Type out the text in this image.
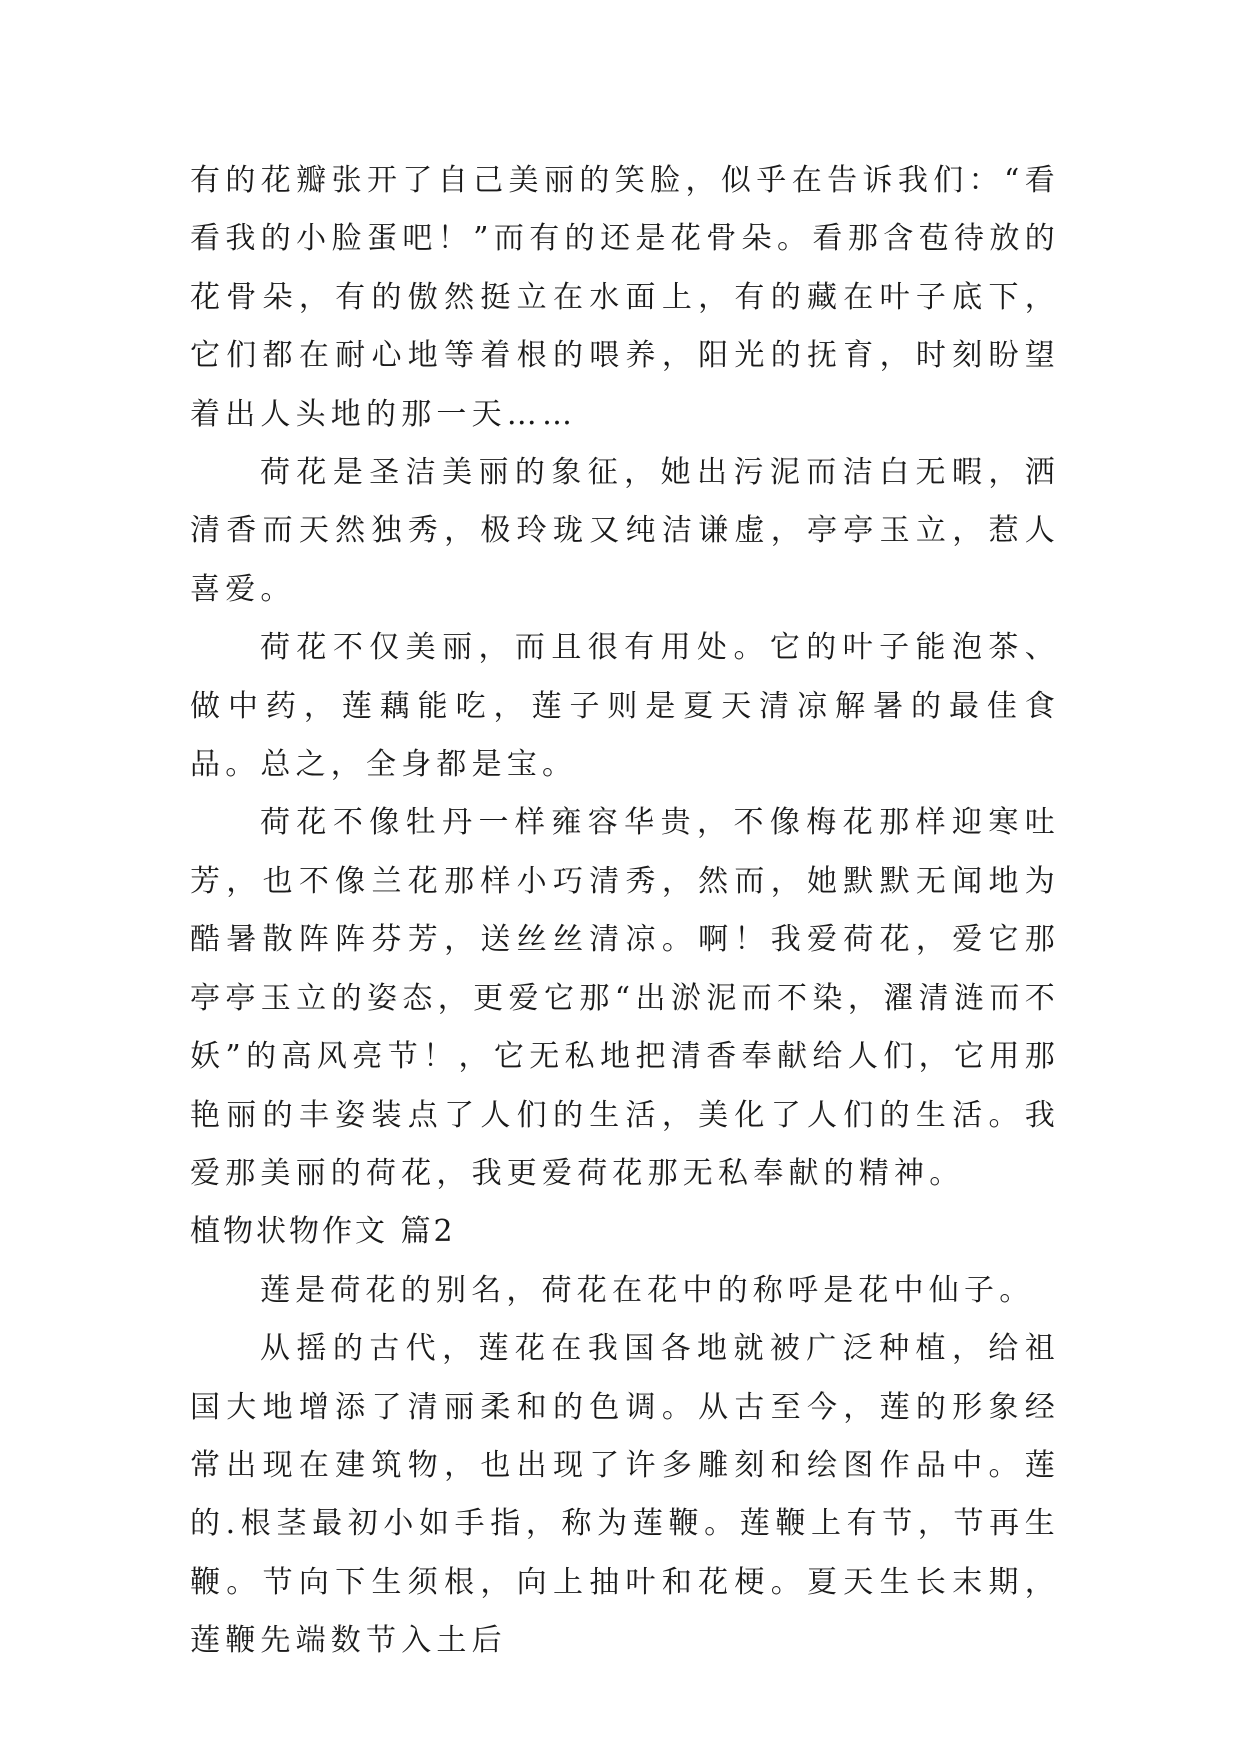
有的花瓣张开了自己美丽的笑脸，似乎在告诉我们：“看看我的小脸蛋吧！”而有的还是花骨朵。看那含苞待放的花骨朵，有的傲然挺立在水面上，有的藏在叶子底下，它们都在耐心地等着根的喂养，阳光的抚育，时刻盼望着出人头地的那一天……

荷花是圣洁美丽的象征，她出污泥而洁白无暇，洒清香而天然独秀，极玲珑又纯洁谦虚，亭亭玉立，惹人喜爱。

荷花不仅美丽，而且很有用处。它的叶子能泡茶、做中药，莲藕能吃，莲子则是夏天清凉解暑的最佳食品。总之，全身都是宝。

荷花不像牡丹一样雍容华贵，不像梅花那样迎寒吐芳，也不像兰花那样小巧清秀，然而，她默默无闻地为酷暑散阵阵芬芳，送丝丝清凉。啊！我爱荷花，爱它那亭亭玉立的姿态，更爱它那“出淤泥而不染，濯清涟而不妖”的高风亮节！，它无私地把清香奉献给人们，它用那艳丽的丰姿装点了人们的生活，美化了人们的生活。我爱那美丽的荷花，我更爱荷花那无私奉献的精神。

植物状物作文 篇2

莲是荷花的别名，荷花在花中的称呼是花中仙子。

从摇的古代，莲花在我国各地就被广泛种植，给祖国大地增添了清丽柔和的色调。从古至今，莲的形象经常出现在建筑物，也出现了许多雕刻和绘图作品中。莲的.根茎最初小如手指，称为莲鞭。莲鞭上有节，节再生鞭。节向下生须根，向上抽叶和花梗。夏天生长末期，莲鞭先端数节入土后
